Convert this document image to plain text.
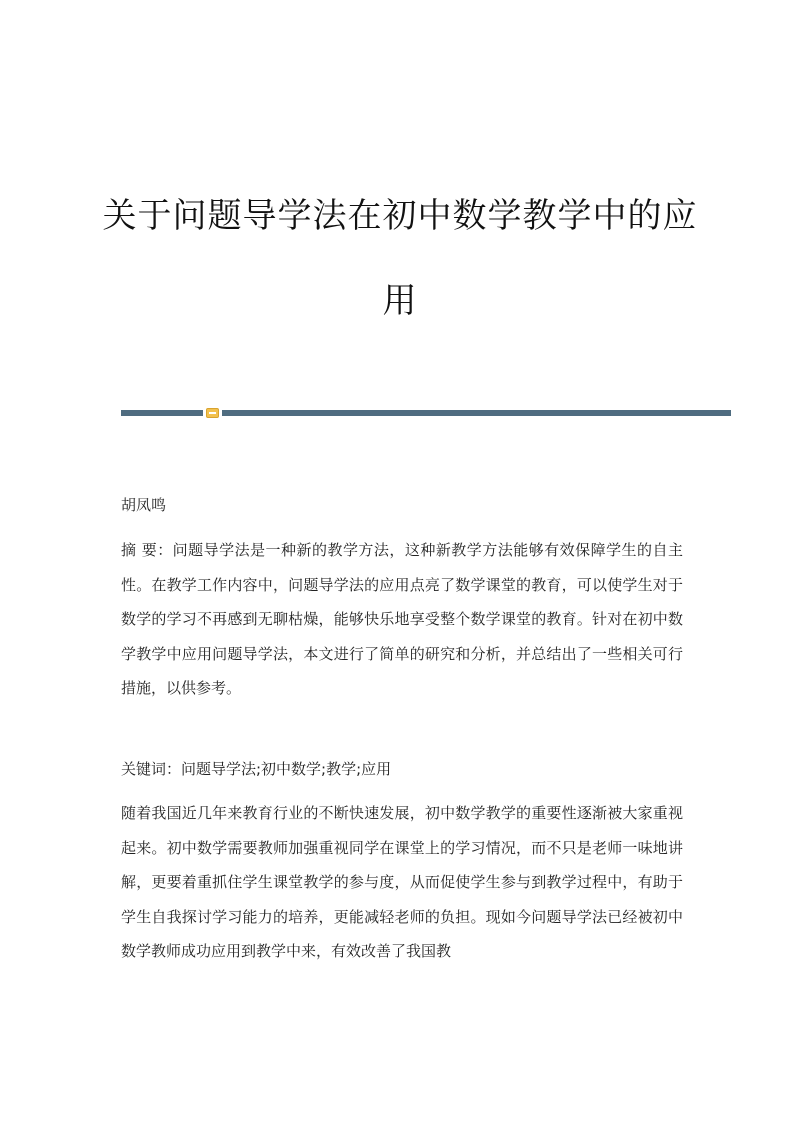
关于问题导学法在初中数学教学中的应
用

胡凤鸣

摘 要：问题导学法是一种新的教学方法，这种新教学方法能够有效保障学生的自主性。在教学工作内容中，问题导学法的应用点亮了数学课堂的教育，可以使学生对于数学的学习不再感到无聊枯燥，能够快乐地享受整个数学课堂的教育。针对在初中数学教学中应用问题导学法，本文进行了简单的研究和分析，并总结出了一些相关可行措施，以供参考。

关键词：问题导学法;初中数学;教学;应用

随着我国近几年来教育行业的不断快速发展，初中数学教学的重要性逐渐被大家重视起来。初中数学需要教师加强重视同学在课堂上的学习情况，而不只是老师一味地讲解，更要着重抓住学生课堂教学的参与度，从而促使学生参与到教学过程中，有助于学生自我探讨学习能力的培养，更能减轻老师的负担。现如今问题导学法已经被初中数学教师成功应用到教学中来，有效改善了我国教
